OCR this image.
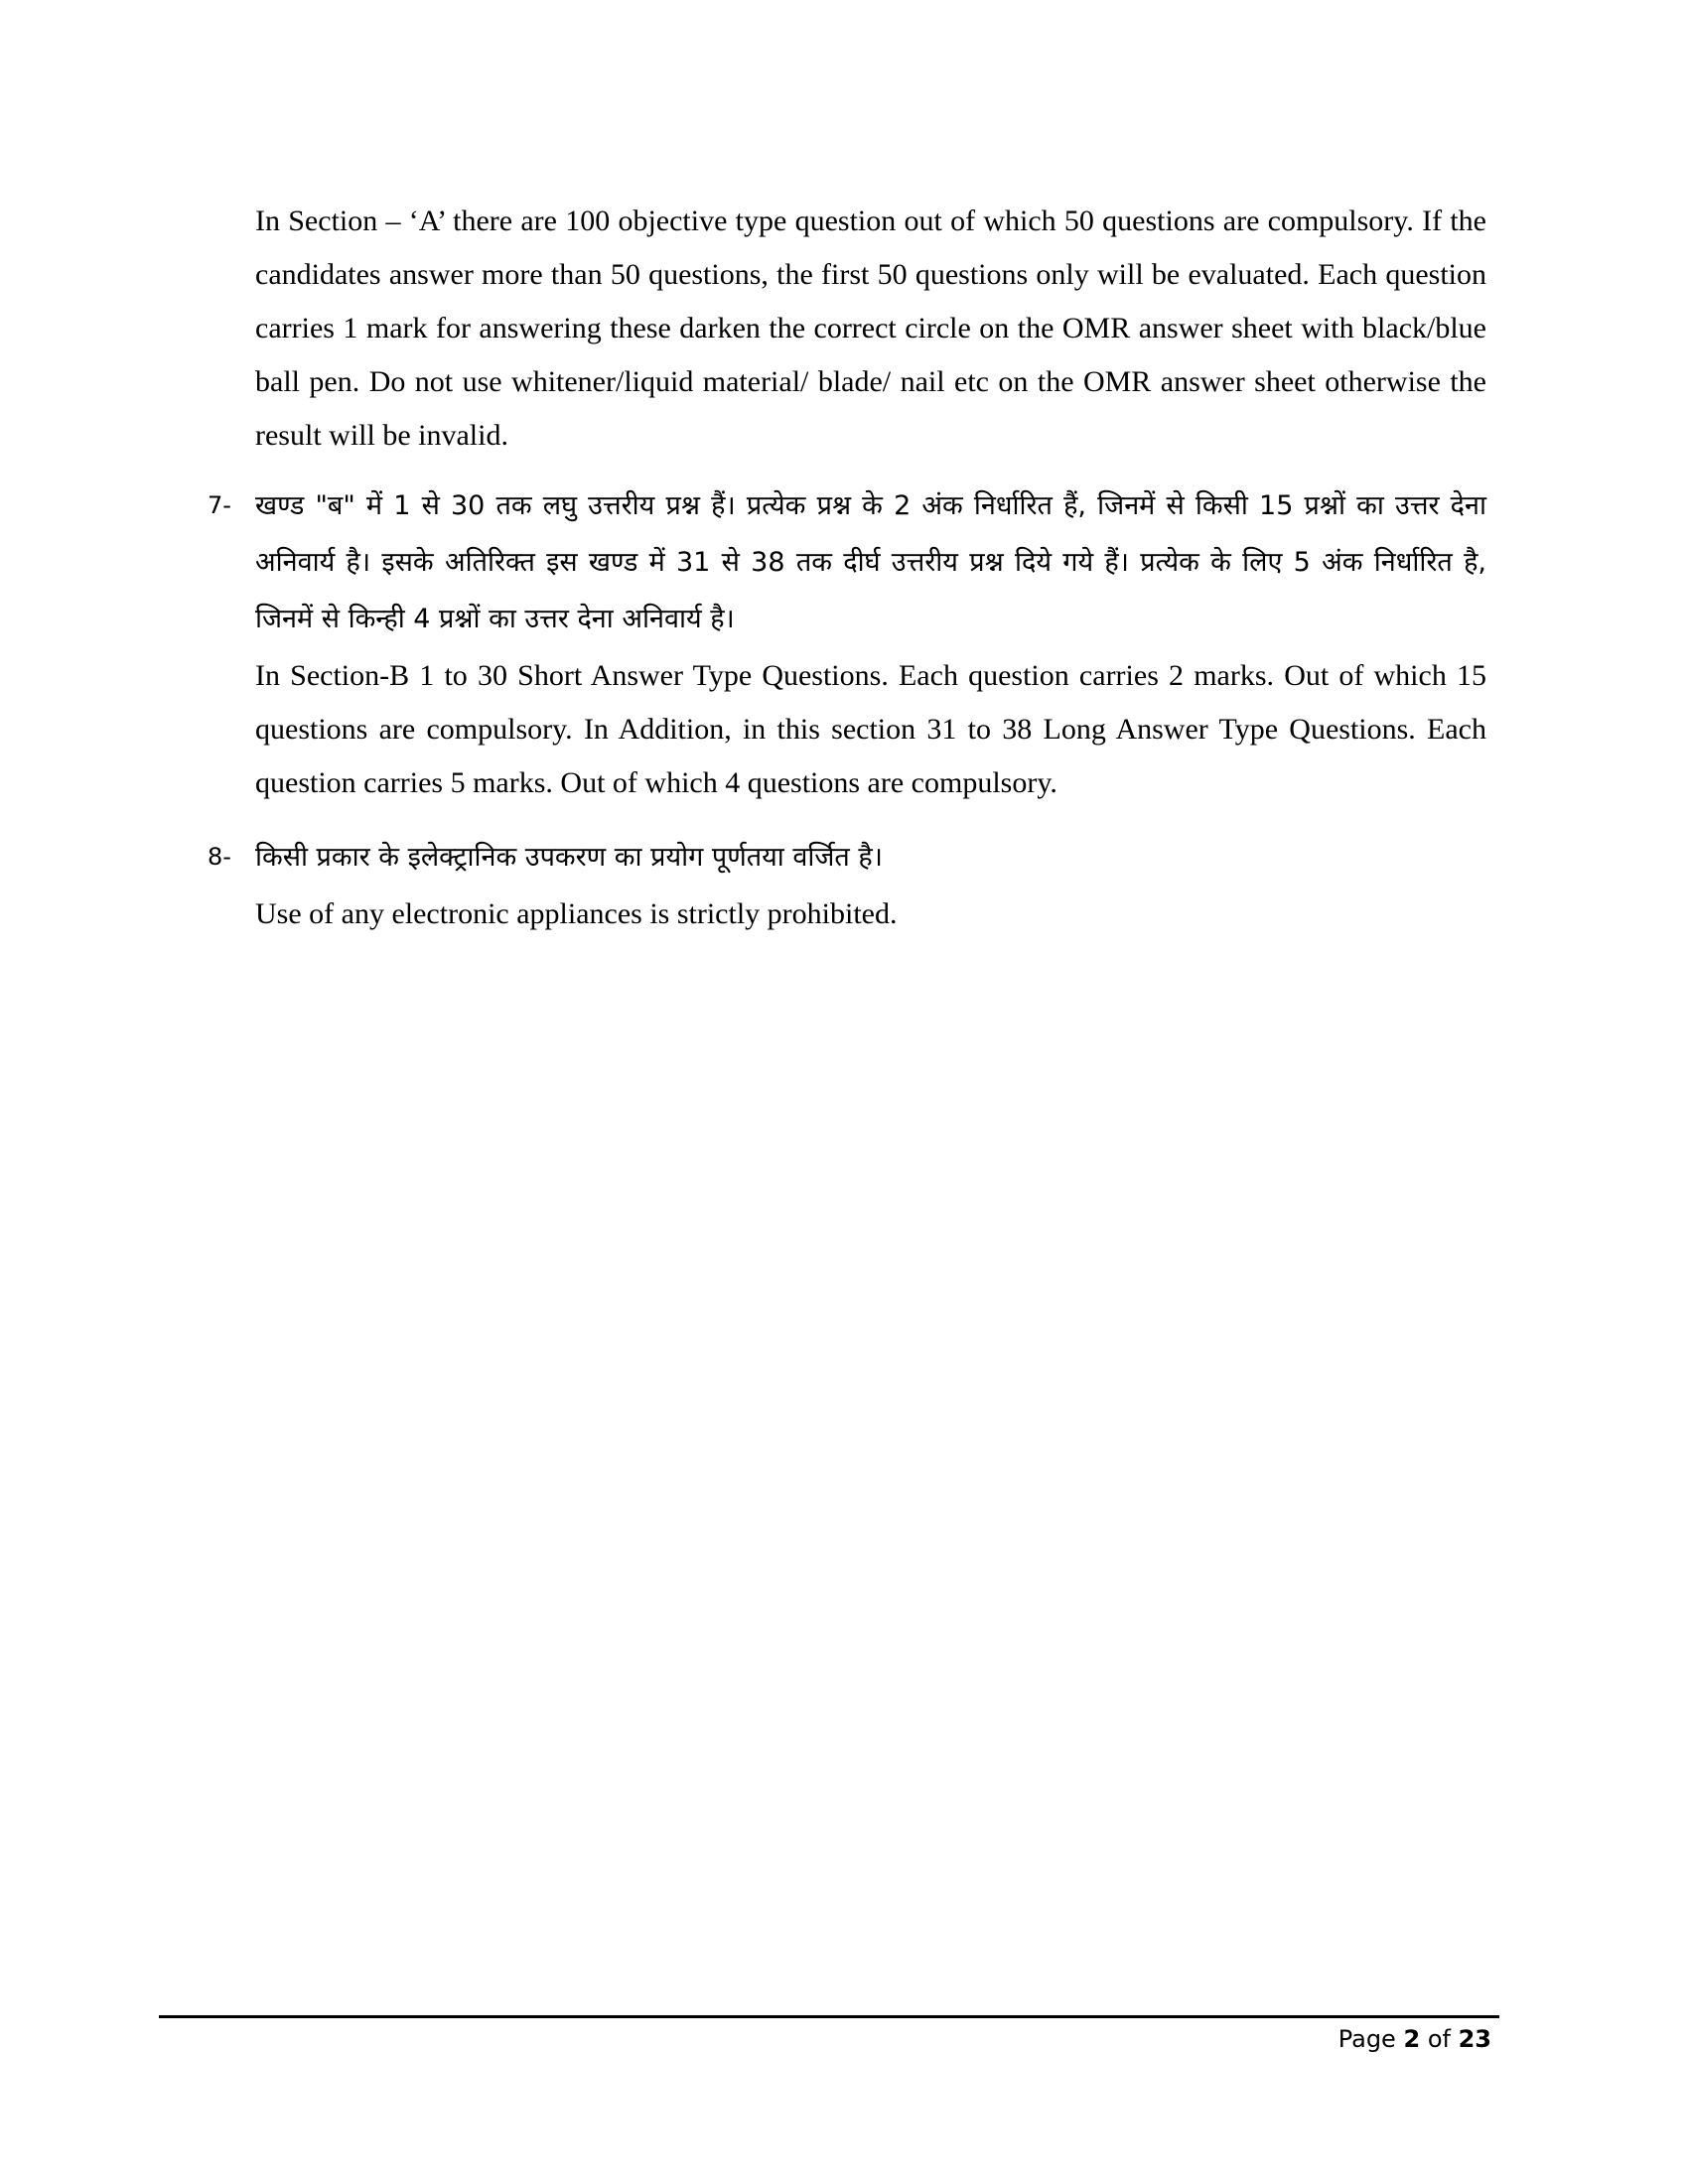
In Section – ‘A’ there are 100 objective type question out of which 50 questions are compulsory. If the candidates answer more than 50 questions, the first 50 questions only will be evaluated. Each question carries 1 mark for answering these darken the correct circle on the OMR answer sheet with black/blue ball pen. Do not use whitener/liquid material/ blade/ nail etc on the OMR answer sheet otherwise the result will be invalid.

7- खण्ड "ब" में 1 से 30 तक लघु उत्तरीय प्रश्न हैं। प्रत्येक प्रश्न के 2 अंक निर्धारित हैं, जिनमें से किसी 15 प्रश्नों का उत्तर देना अनिवार्य है। इसके अतिरिक्त इस खण्ड में 31 से 38 तक दीर्घ उत्तरीय प्रश्न दिये गये हैं। प्रत्येक के लिए 5 अंक निर्धारित है, जिनमें से किन्ही 4 प्रश्नों का उत्तर देना अनिवार्य है।

In Section-B 1 to 30 Short Answer Type Questions. Each question carries 2 marks. Out of which 15 questions are compulsory. In Addition, in this section 31 to 38 Long Answer Type Questions. Each question carries 5 marks. Out of which 4 questions are compulsory.

8- किसी प्रकार के इलेक्ट्रानिक उपकरण का प्रयोग पूर्णतया वर्जित है।

Use of any electronic appliances is strictly prohibited.

Page 2 of 23
